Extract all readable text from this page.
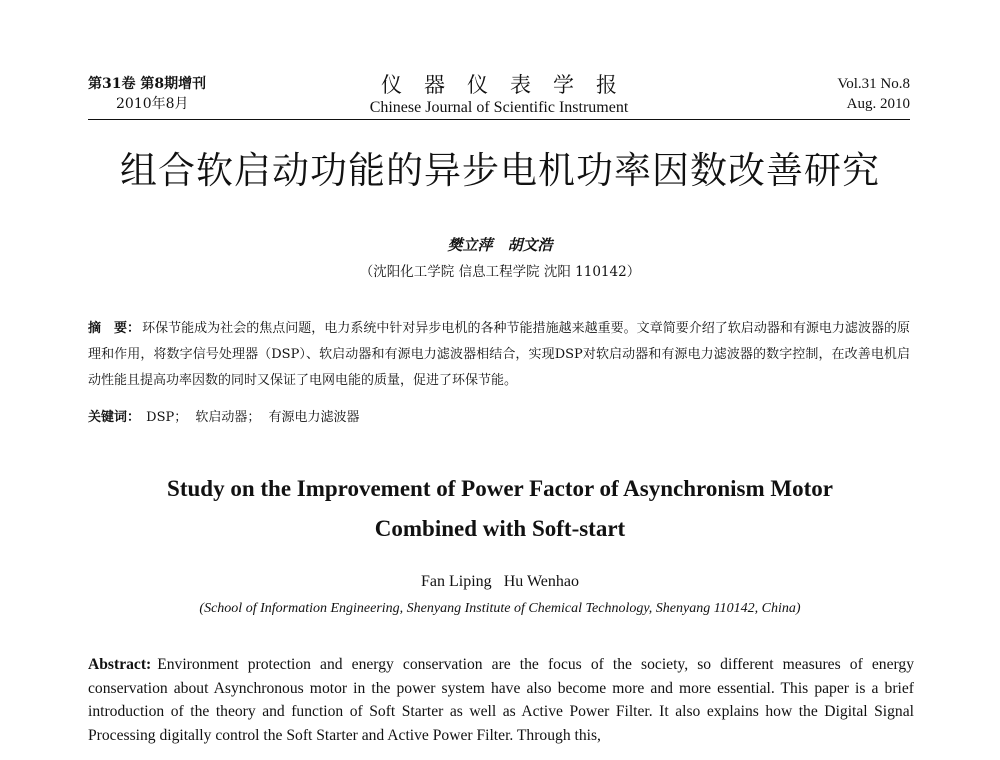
第31卷 第8期增刊
2010年8月
仪器仪表学报
Chinese Journal of Scientific Instrument
Vol.31 No.8
Aug. 2010
组合软启动功能的异步电机功率因数改善研究
樊立萍　胡文浩
（沈阳化工学院 信息工程学院 沈阳 110142）
摘　要： 环保节能成为社会的焦点问题，电力系统中针对异步电机的各种节能措施越来越重要。文章简要介绍了软启动器和有源电力滤波器的原理和作用，将数字信号处理器（DSP）、软启动器和有源电力滤波器相结合，实现DSP对软启动器和有源电力滤波器的数字控制，在改善电机启动性能且提高功率因数的同时又保证了电网电能的质量，促进了环保节能。
关键词： DSP； 软启动器； 有源电力滤波器
Study on the Improvement of Power Factor of Asynchronism Motor
Combined with Soft-start
Fan Liping Hu Wenhao
(School of Information Engineering, Shenyang Institute of Chemical Technology, Shenyang 110142, China)
Abstract: Environment protection and energy conservation are the focus of the society, so different measures of energy conservation about Asynchronous motor in the power system have also become more and more essential. This paper is a brief introduction of the theory and function of Soft Starter as well as Active Power Filter. It also explains how the Digital Signal Processing digitally control the Soft Starter and Active Power Filter. Through this,
